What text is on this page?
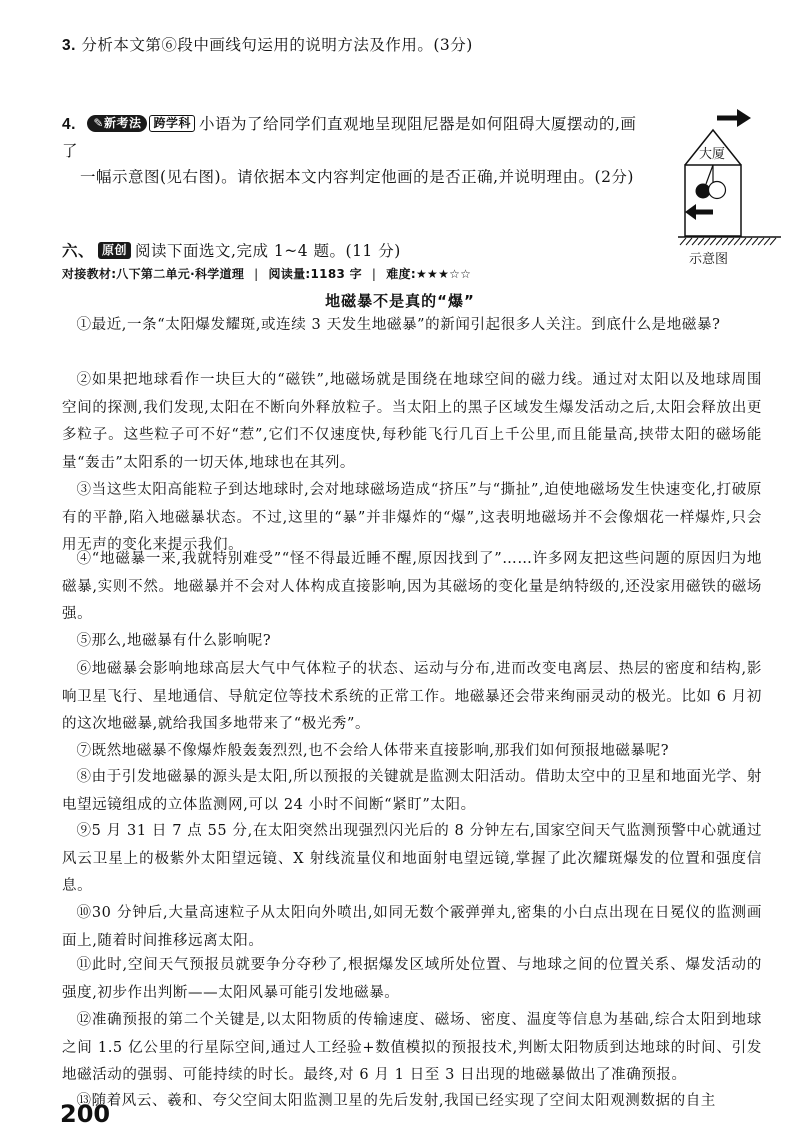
3. 分析本文第⑥段中画线句运用的说明方法及作用。(3分)
4. ✎新考法 跨学科 小语为了给同学们直观地呈现阻尼器是如何阻碍大厦摆动的,画了
一幅示意图(见右图)。请依据本文内容判定他画的是否正确,并说明理由。(2分)
大厦
示意图
六、 原创 阅读下面选文,完成 1~4 题。(11 分)
对接教材:八下第二单元·科学道理 | 阅读量:1183 字 | 难度:★★★☆☆
地磁暴不是真的“爆”
①最近,一条“太阳爆发耀斑,或连续 3 天发生地磁暴”的新闻引起很多人关注。到底什么是地磁暴?
②如果把地球看作一块巨大的“磁铁”,地磁场就是围绕在地球空间的磁力线。通过对太阳以及地球周围空间的探测,我们发现,太阳在不断向外释放粒子。当太阳上的黑子区域发生爆发活动之后,太阳会释放出更多粒子。这些粒子可不好“惹”,它们不仅速度快,每秒能飞行几百上千公里,而且能量高,挟带太阳的磁场能量“轰击”太阳系的一切天体,地球也在其列。
③当这些太阳高能粒子到达地球时,会对地球磁场造成“挤压”与“撕扯”,迫使地磁场发生快速变化,打破原有的平静,陷入地磁暴状态。不过,这里的“暴”并非爆炸的“爆”,这表明地磁场并不会像烟花一样爆炸,只会用无声的变化来提示我们。
④“地磁暴一来,我就特别难受”“怪不得最近睡不醒,原因找到了”……许多网友把这些问题的原因归为地磁暴,实则不然。地磁暴并不会对人体构成直接影响,因为其磁场的变化量是纳特级的,还没家用磁铁的磁场强。
⑤那么,地磁暴有什么影响呢?
⑥地磁暴会影响地球高层大气中气体粒子的状态、运动与分布,进而改变电离层、热层的密度和结构,影响卫星飞行、星地通信、导航定位等技术系统的正常工作。地磁暴还会带来绚丽灵动的极光。比如 6 月初的这次地磁暴,就给我国多地带来了“极光秀”。
⑦既然地磁暴不像爆炸般轰轰烈烈,也不会给人体带来直接影响,那我们如何预报地磁暴呢?
⑧由于引发地磁暴的源头是太阳,所以预报的关键就是监测太阳活动。借助太空中的卫星和地面光学、射电望远镜组成的立体监测网,可以 24 小时不间断“紧盯”太阳。
⑨5 月 31 日 7 点 55 分,在太阳突然出现强烈闪光后的 8 分钟左右,国家空间天气监测预警中心就通过风云卫星上的极紫外太阳望远镜、X 射线流量仪和地面射电望远镜,掌握了此次耀斑爆发的位置和强度信息。
⑩30 分钟后,大量高速粒子从太阳向外喷出,如同无数个霰弹弹丸,密集的小白点出现在日冕仪的监测画面上,随着时间推移远离太阳。
⑪此时,空间天气预报员就要争分夺秒了,根据爆发区域所处位置、与地球之间的位置关系、爆发活动的强度,初步作出判断——太阳风暴可能引发地磁暴。
⑫准确预报的第二个关键是,以太阳物质的传输速度、磁场、密度、温度等信息为基础,综合太阳到地球之间 1.5 亿公里的行星际空间,通过人工经验+数值模拟的预报技术,判断太阳物质到达地球的时间、引发地磁活动的强弱、可能持续的时长。最终,对 6 月 1 日至 3 日出现的地磁暴做出了准确预报。
⑬随着风云、羲和、夸父空间太阳监测卫星的先后发射,我国已经实现了空间太阳观测数据的自主
200
